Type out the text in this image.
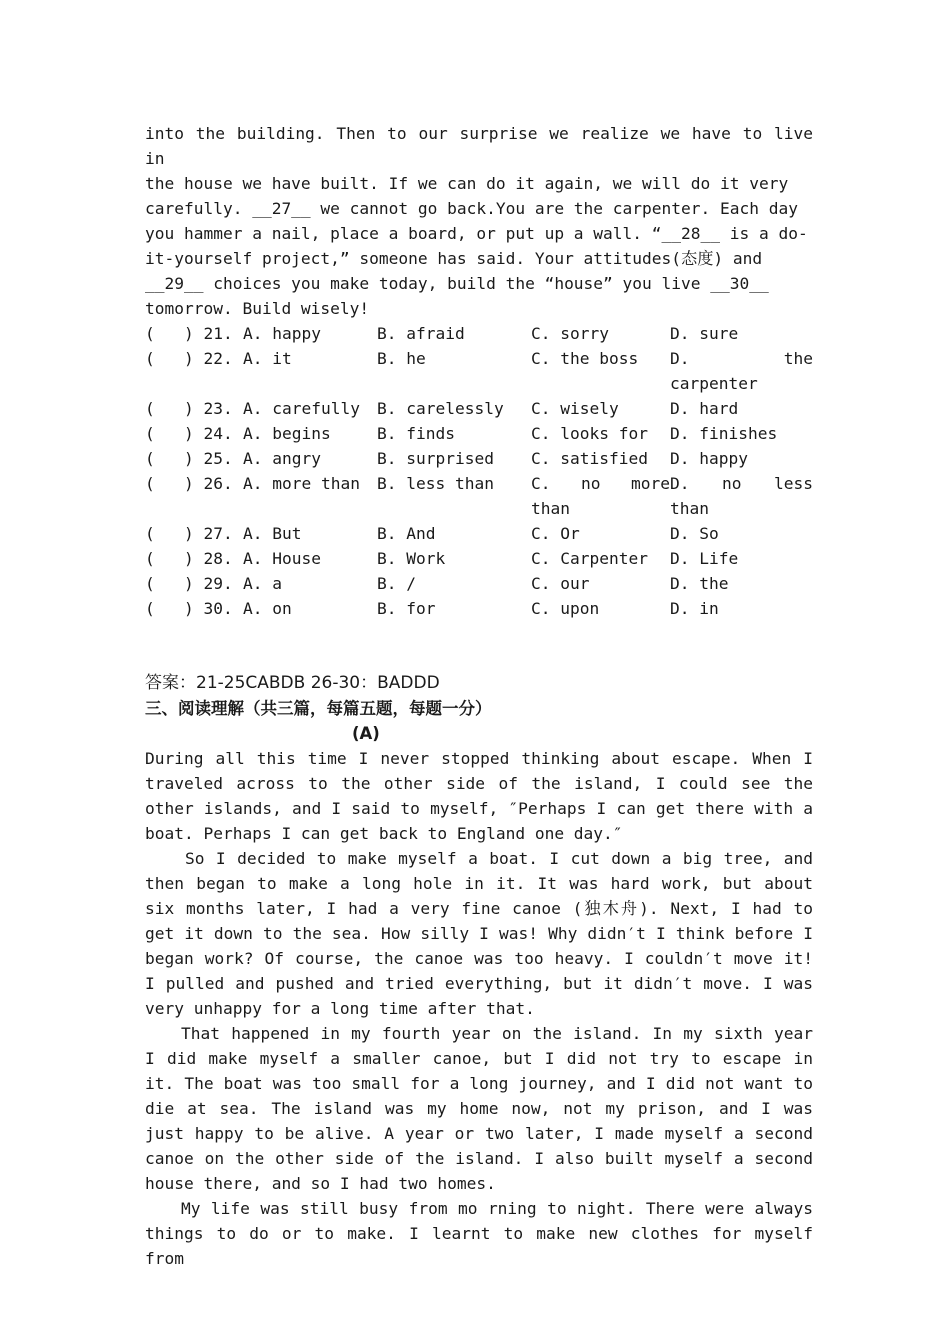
into the building. Then to our surprise we realize we have to live in
the house we have built. If we can do it again, we will do it very
carefully. __27__ we cannot go back.You are the carpenter. Each day
you hammer a nail, place a board, or put up a wall. “__28__ is a do-
it-yourself project,” someone has said. Your attitudes(态度) and
__29__ choices you make today, build the “house” you live __30__
tomorrow. Build wisely!
(   ) 21. A. happy	B. afraid	C. sorry	D. sure
(   ) 22. A. it	B. he	C. the boss	D. the carpenter
(   ) 23. A. carefully	B. carelessly	C. wisely	D. hard
(   ) 24. A. begins	B. finds	C. looks for	D. finishes
(   ) 25. A. angry	B. surprised	C. satisfied	D. happy
(   ) 26. A. more than	B. less than	C. no more than
D. no less than
(   ) 27. A. But	B. And	C. Or	D. So
(   ) 28. A. House	B. Work	C. Carpenter	D. Life
(   ) 29. A. a	B. /	C. our	D. the
(   ) 30. A. on	B. for	C. upon	D. in

答案：21-25CABDB 26-30：BADDD

三、阅读理解（共三篇，每篇五题，每题一分）

(A)

During all this time I never stopped thinking about escape. When I traveled across to the other side of the island, I could see the other islands, and I said to myself, ″Perhaps I can get there with a boat. Perhaps I can get back to England one day.″

So I decided to make myself a boat. I cut down a big tree, and then began to make a long hole in it. It was hard work, but about six months later, I had a very fine canoe (独木舟). Next, I had to get it down to the sea. How silly I was! Why didn′t I think before I began work? Of course, the canoe was too heavy. I couldn′t move it! I pulled and pushed and tried everything, but it didn′t move. I was very unhappy for a long time after that.

That happened in my fourth year on the island. In my sixth year I did make myself a smaller canoe, but I did not try to escape in it. The boat was too small for a long journey, and I did not want to die at sea. The island was my home now, not my prison, and I was just happy to be alive. A year or two later, I made myself a second canoe on the other side of the island. I also built myself a second house there, and so I had two homes.

My life was still busy from mo rning to night. There were always things to do or to make. I learnt to make new clothes for myself from
